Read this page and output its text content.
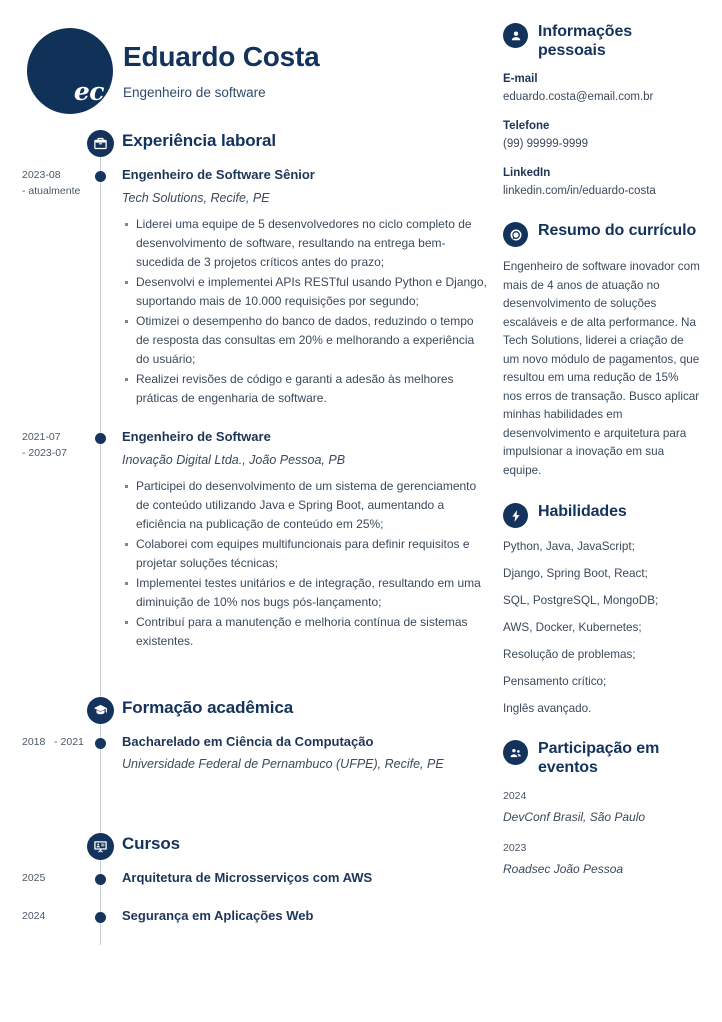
ec
Eduardo Costa
Engenheiro de software
Experiência laboral
2023-08
- atualmente
Engenheiro de Software Sênior
Tech Solutions, Recife, PE
Liderei uma equipe de 5 desenvolvedores no ciclo completo de desenvolvimento de software, resultando na entrega bem-sucedida de 3 projetos críticos antes do prazo;
Desenvolvi e implementei APIs RESTful usando Python e Django, suportando mais de 10.000 requisições por segundo;
Otimizei o desempenho do banco de dados, reduzindo o tempo de resposta das consultas em 20% e melhorando a experiência do usuário;
Realizei revisões de código e garanti a adesão às melhores práticas de engenharia de software.
2021-07
- 2023-07
Engenheiro de Software
Inovação Digital Ltda., João Pessoa, PB
Participei do desenvolvimento de um sistema de gerenciamento de conteúdo utilizando Java e Spring Boot, aumentando a eficiência na publicação de conteúdo em 25%;
Colaborei com equipes multifuncionais para definir requisitos e projetar soluções técnicas;
Implementei testes unitários e de integração, resultando em uma diminuição de 10% nos bugs pós-lançamento;
Contribuí para a manutenção e melhoria contínua de sistemas existentes.
Formação acadêmica
2018 - 2021	Bacharelado em Ciência da Computação
Universidade Federal de Pernambuco (UFPE), Recife, PE
Cursos
2025	Arquitetura de Microsserviços com AWS
2024	Segurança em Aplicações Web
Informações pessoais
E-mail
eduardo.costa@email.com.br
Telefone
(99) 99999-9999
LinkedIn
linkedin.com/in/eduardo-costa
Resumo do currículo
Engenheiro de software inovador com mais de 4 anos de atuação no desenvolvimento de soluções escaláveis e de alta performance. Na Tech Solutions, liderei a criação de um novo módulo de pagamentos, que resultou em uma redução de 15% nos erros de transação. Busco aplicar minhas habilidades em desenvolvimento e arquitetura para impulsionar a inovação em sua equipe.
Habilidades
Python, Java, JavaScript;
Django, Spring Boot, React;
SQL, PostgreSQL, MongoDB;
AWS, Docker, Kubernetes;
Resolução de problemas;
Pensamento crítico;
Inglês avançado.
Participação em eventos
2024
DevConf Brasil, São Paulo
2023
Roadsec João Pessoa
